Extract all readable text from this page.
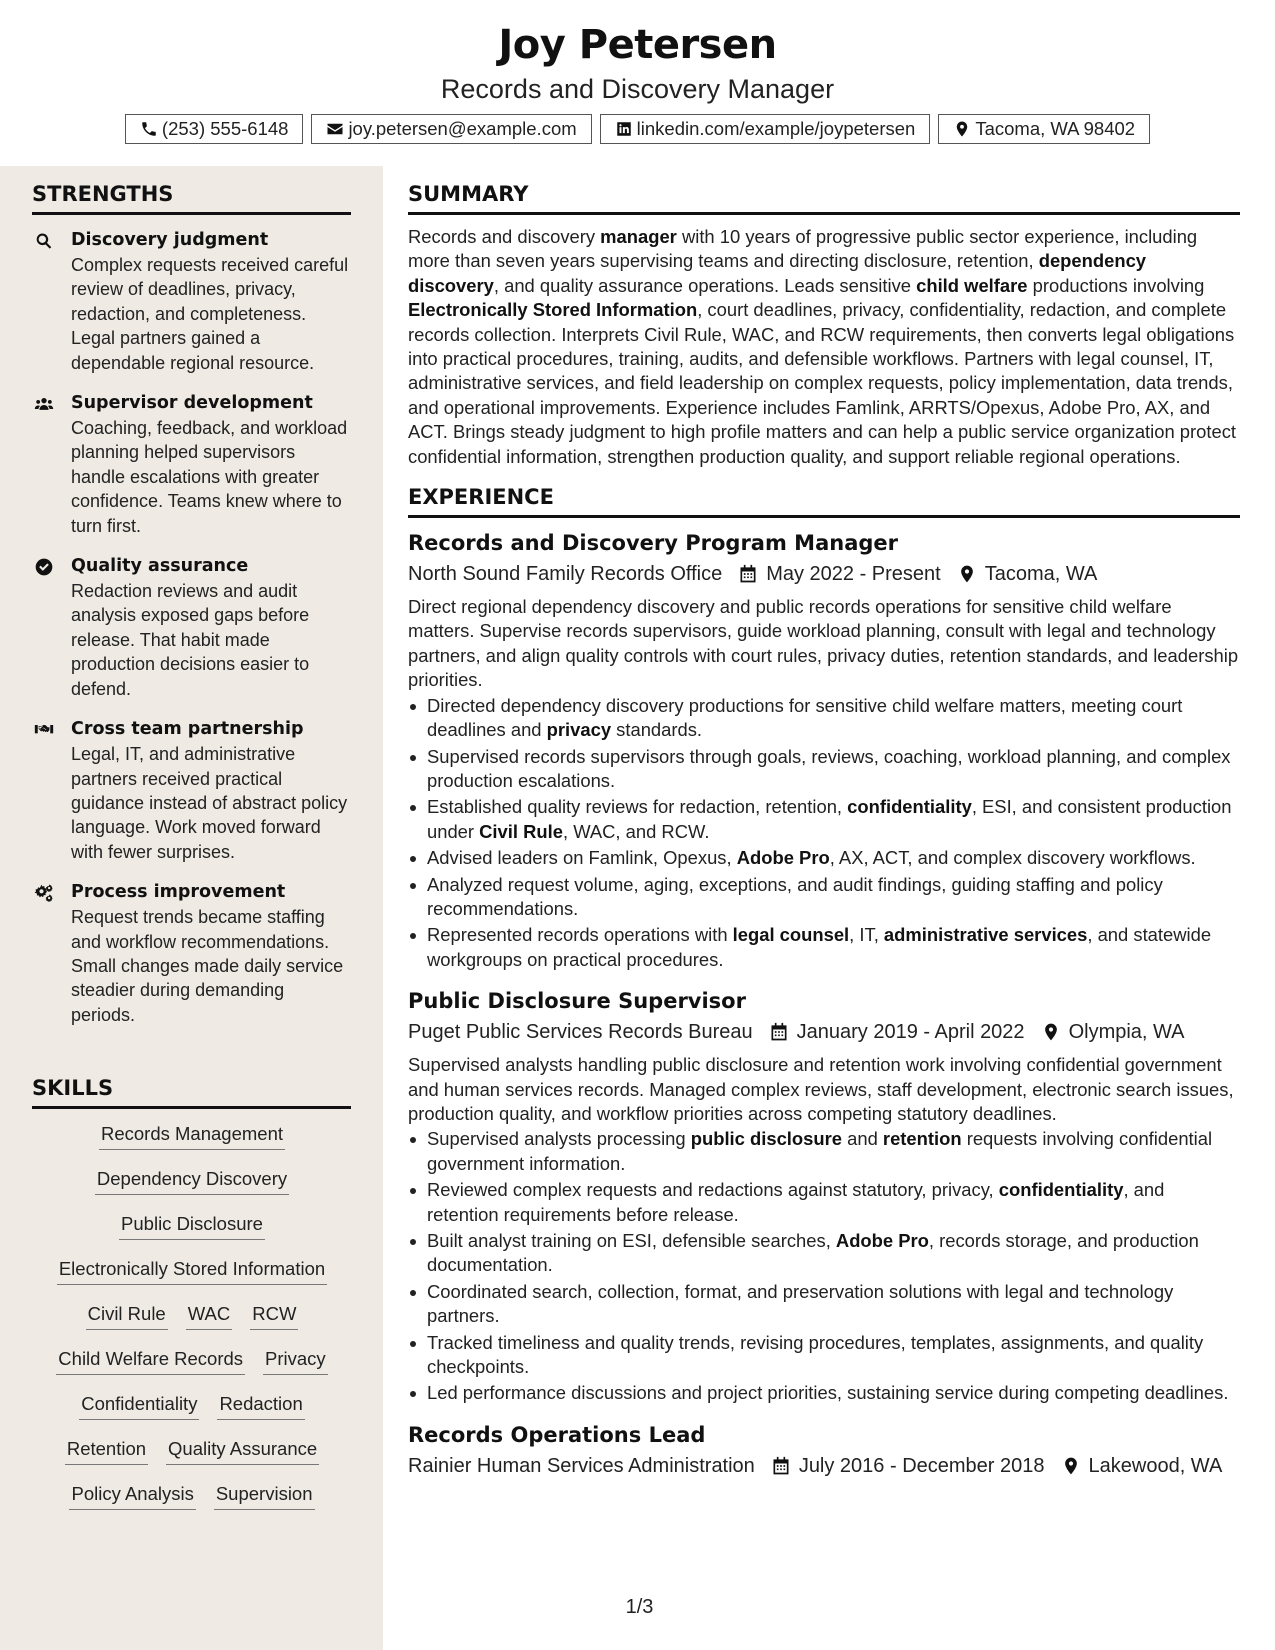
Joy Petersen
Records and Discovery Manager
(253) 555-6148	joy.petersen@example.com	linkedin.com/example/joypetersen	Tacoma, WA 98402
STRENGTHS
Discovery judgment
Complex requests received careful review of deadlines, privacy, redaction, and completeness. Legal partners gained a dependable regional resource.
Supervisor development
Coaching, feedback, and workload planning helped supervisors handle escalations with greater confidence. Teams knew where to turn first.
Quality assurance
Redaction reviews and audit analysis exposed gaps before release. That habit made production decisions easier to defend.
Cross team partnership
Legal, IT, and administrative partners received practical guidance instead of abstract policy language. Work moved forward with fewer surprises.
Process improvement
Request trends became staffing and workflow recommendations. Small changes made daily service steadier during demanding periods.
SKILLS
Records Management
Dependency Discovery
Public Disclosure
Electronically Stored Information
Civil Rule WAC RCW
Child Welfare Records Privacy
Confidentiality Redaction
Retention Quality Assurance
Policy Analysis Supervision
SUMMARY
Records and discovery manager with 10 years of progressive public sector experience, including more than seven years supervising teams and directing disclosure, retention, dependency discovery, and quality assurance operations. Leads sensitive child welfare productions involving Electronically Stored Information, court deadlines, privacy, confidentiality, redaction, and complete records collection. Interprets Civil Rule, WAC, and RCW requirements, then converts legal obligations into practical procedures, training, audits, and defensible workflows. Partners with legal counsel, IT, administrative services, and field leadership on complex requests, policy implementation, data trends, and operational improvements. Experience includes Famlink, ARRTS/Opexus, Adobe Pro, AX, and ACT. Brings steady judgment to high profile matters and can help a public service organization protect confidential information, strengthen production quality, and support reliable regional operations.
EXPERIENCE
Records and Discovery Program Manager
North Sound Family Records Office May 2022 - Present Tacoma, WA
Direct regional dependency discovery and public records operations for sensitive child welfare matters. Supervise records supervisors, guide workload planning, consult with legal and technology partners, and align quality controls with court rules, privacy duties, retention standards, and leadership priorities.
Directed dependency discovery productions for sensitive child welfare matters, meeting court deadlines and privacy standards.
Supervised records supervisors through goals, reviews, coaching, workload planning, and complex production escalations.
Established quality reviews for redaction, retention, confidentiality, ESI, and consistent production under Civil Rule, WAC, and RCW.
Advised leaders on Famlink, Opexus, Adobe Pro, AX, ACT, and complex discovery workflows.
Analyzed request volume, aging, exceptions, and audit findings, guiding staffing and policy recommendations.
Represented records operations with legal counsel, IT, administrative services, and statewide workgroups on practical procedures.
Public Disclosure Supervisor
Puget Public Services Records Bureau January 2019 - April 2022 Olympia, WA
Supervised analysts handling public disclosure and retention work involving confidential government and human services records. Managed complex reviews, staff development, electronic search issues, production quality, and workflow priorities across competing statutory deadlines.
Supervised analysts processing public disclosure and retention requests involving confidential government information.
Reviewed complex requests and redactions against statutory, privacy, confidentiality, and retention requirements before release.
Built analyst training on ESI, defensible searches, Adobe Pro, records storage, and production documentation.
Coordinated search, collection, format, and preservation solutions with legal and technology partners.
Tracked timeliness and quality trends, revising procedures, templates, assignments, and quality checkpoints.
Led performance discussions and project priorities, sustaining service during competing deadlines.
Records Operations Lead
Rainier Human Services Administration July 2016 - December 2018 Lakewood, WA
1/3
